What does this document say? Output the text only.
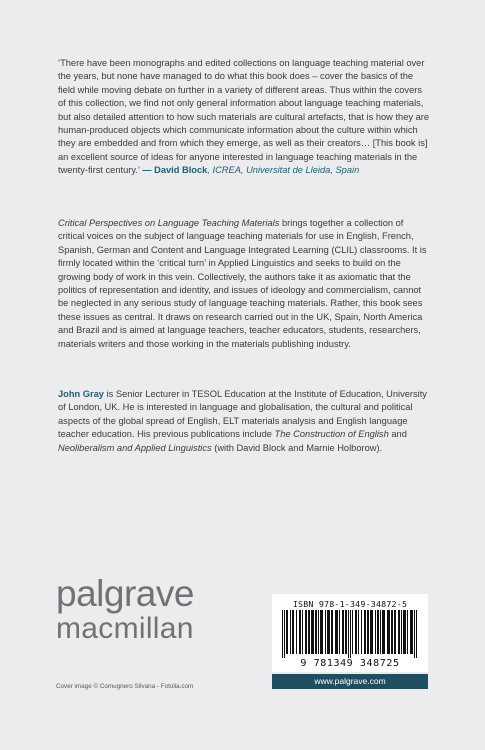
‘There have been monographs and edited collections on language teaching material over the years, but none have managed to do what this book does – cover the basics of the field while moving debate on further in a variety of different areas. Thus within the covers of this collection, we find not only general information about language teaching materials, but also detailed attention to how such materials are cultural artefacts, that is how they are human-produced objects which communicate information about the culture within which they are embedded and from which they emerge, as well as their creators… [This book is] an excellent source of ideas for anyone interested in language teaching materials in the twenty-first century.’ — David Block, ICREA, Universitat de Lleida, Spain

Critical Perspectives on Language Teaching Materials brings together a collection of critical voices on the subject of language teaching materials for use in English, French, Spanish, German and Content and Language Integrated Learning (CLIL) classrooms. It is firmly located within the ‘critical turn’ in Applied Linguistics and seeks to build on the growing body of work in this vein. Collectively, the authors take it as axiomatic that the politics of representation and identity, and issues of ideology and commercialism, cannot be neglected in any serious study of language teaching materials. Rather, this book sees these issues as central. It draws on research carried out in the UK, Spain, North America and Brazil and is aimed at language teachers, teacher educators, students, researchers, materials writers and those working in the materials publishing industry.

John Gray is Senior Lecturer in TESOL Education at the Institute of Education, University of London, UK. He is interested in language and globalisation, the cultural and political aspects of the global spread of English, ELT materials analysis and English language teacher education. His previous publications include The Construction of English and Neoliberalism and Applied Linguistics (with David Block and Marnie Holborow).

palgrave
macmillan
ISBN 978-1-349-34872-5
9 781349 348725
www.palgrave.com
Cover image © Comugnero Silvana - Fotolia.com
